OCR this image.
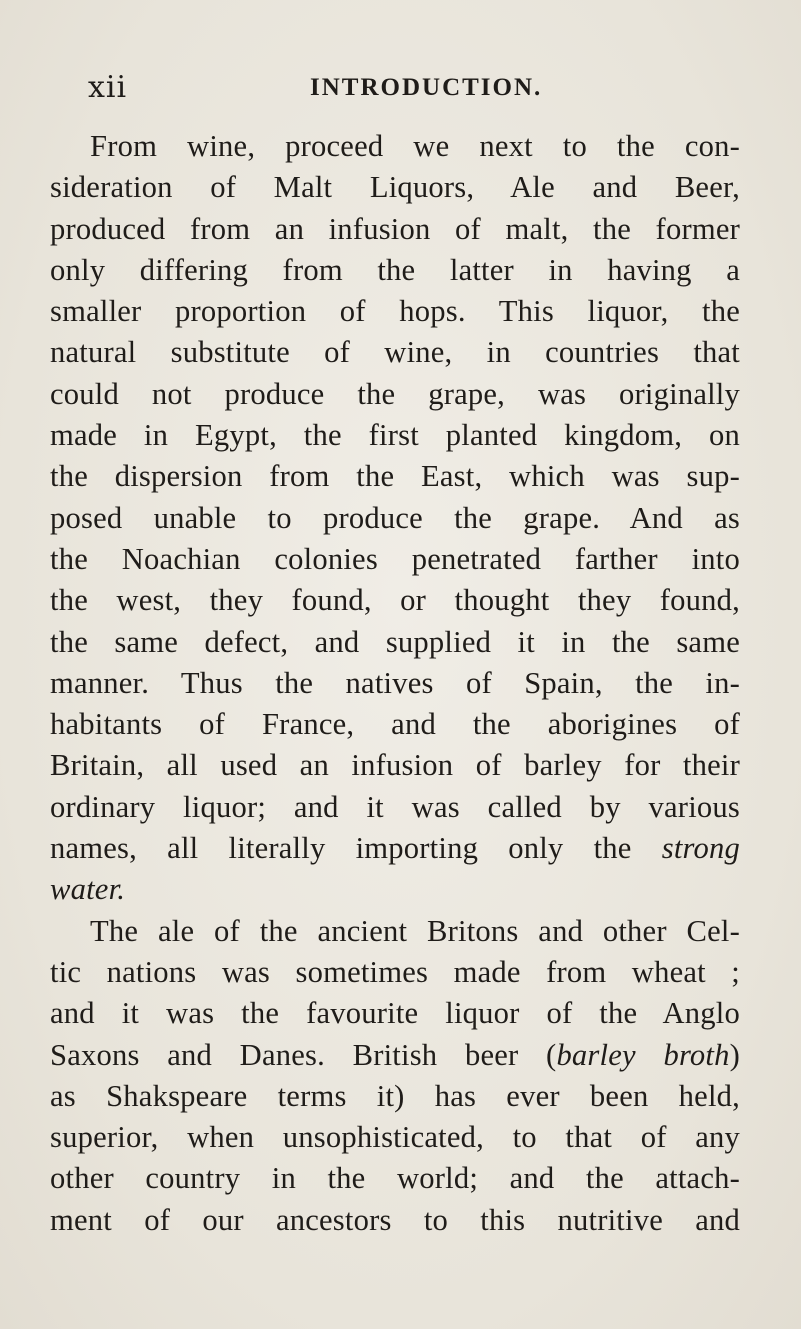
xii	INTRODUCTION.
From wine, proceed we next to the con-
sideration of Malt Liquors, Ale and Beer,
produced from an infusion of malt, the former
only differing from the latter in having a
smaller proportion of hops. This liquor, the
natural substitute of wine, in countries that
could not produce the grape, was originally
made in Egypt, the first planted kingdom, on
the dispersion from the East, which was sup-
posed unable to produce the grape. And as
the Noachian colonies penetrated farther into
the west, they found, or thought they found,
the same defect, and supplied it in the same
manner. Thus the natives of Spain, the in-
habitants of France, and the aborigines of
Britain, all used an infusion of barley for their
ordinary liquor; and it was called by various
names, all literally importing only the strong
water.
The ale of the ancient Britons and other Cel-
tic nations was sometimes made from wheat ;
and it was the favourite liquor of the Anglo
Saxons and Danes. British beer (barley broth)
as Shakspeare terms it) has ever been held,
superior, when unsophisticated, to that of any
other country in the world; and the attach-
ment of our ancestors to this nutritive and
